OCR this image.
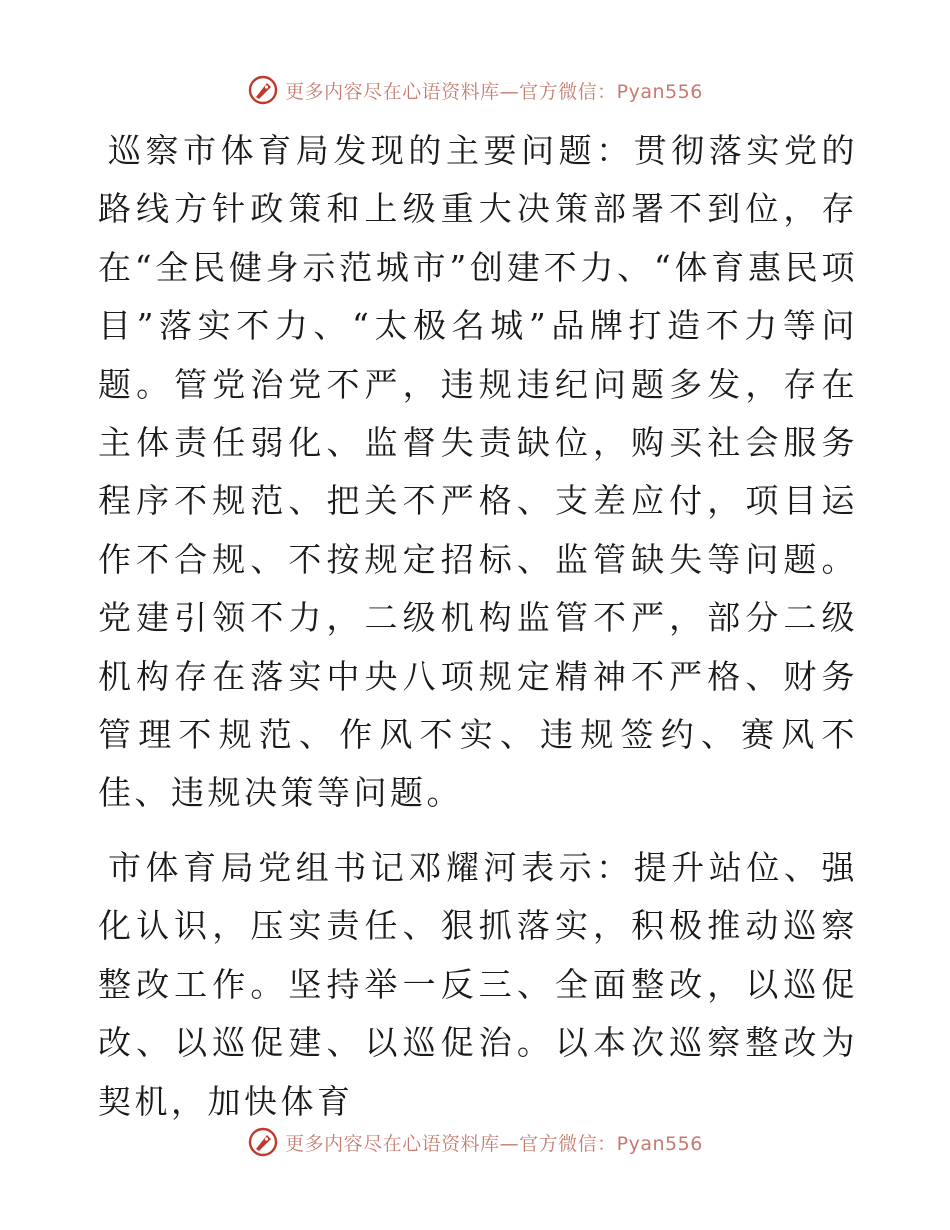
更多内容尽在心语资料库—官方微信：Pyan556

巡察市体育局发现的主要问题：贯彻落实党的路线方针政策和上级重大决策部署不到位，存在“全民健身示范城市”创建不力、“体育惠民项目”落实不力、“太极名城”品牌打造不力等问题。管党治党不严，违规违纪问题多发，存在主体责任弱化、监督失责缺位，购买社会服务程序不规范、把关不严格、支差应付，项目运作不合规、不按规定招标、监管缺失等问题。党建引领不力，二级机构监管不严，部分二级机构存在落实中央八项规定精神不严格、财务管理不规范、作风不实、违规签约、赛风不佳、违规决策等问题。

市体育局党组书记邓耀河表示：提升站位、强化认识，压实责任、狠抓落实，积极推动巡察整改工作。坚持举一反三、全面整改，以巡促改、以巡促建、以巡促治。以本次巡察整改为契机，加快体育

更多内容尽在心语资料库—官方微信：Pyan556
